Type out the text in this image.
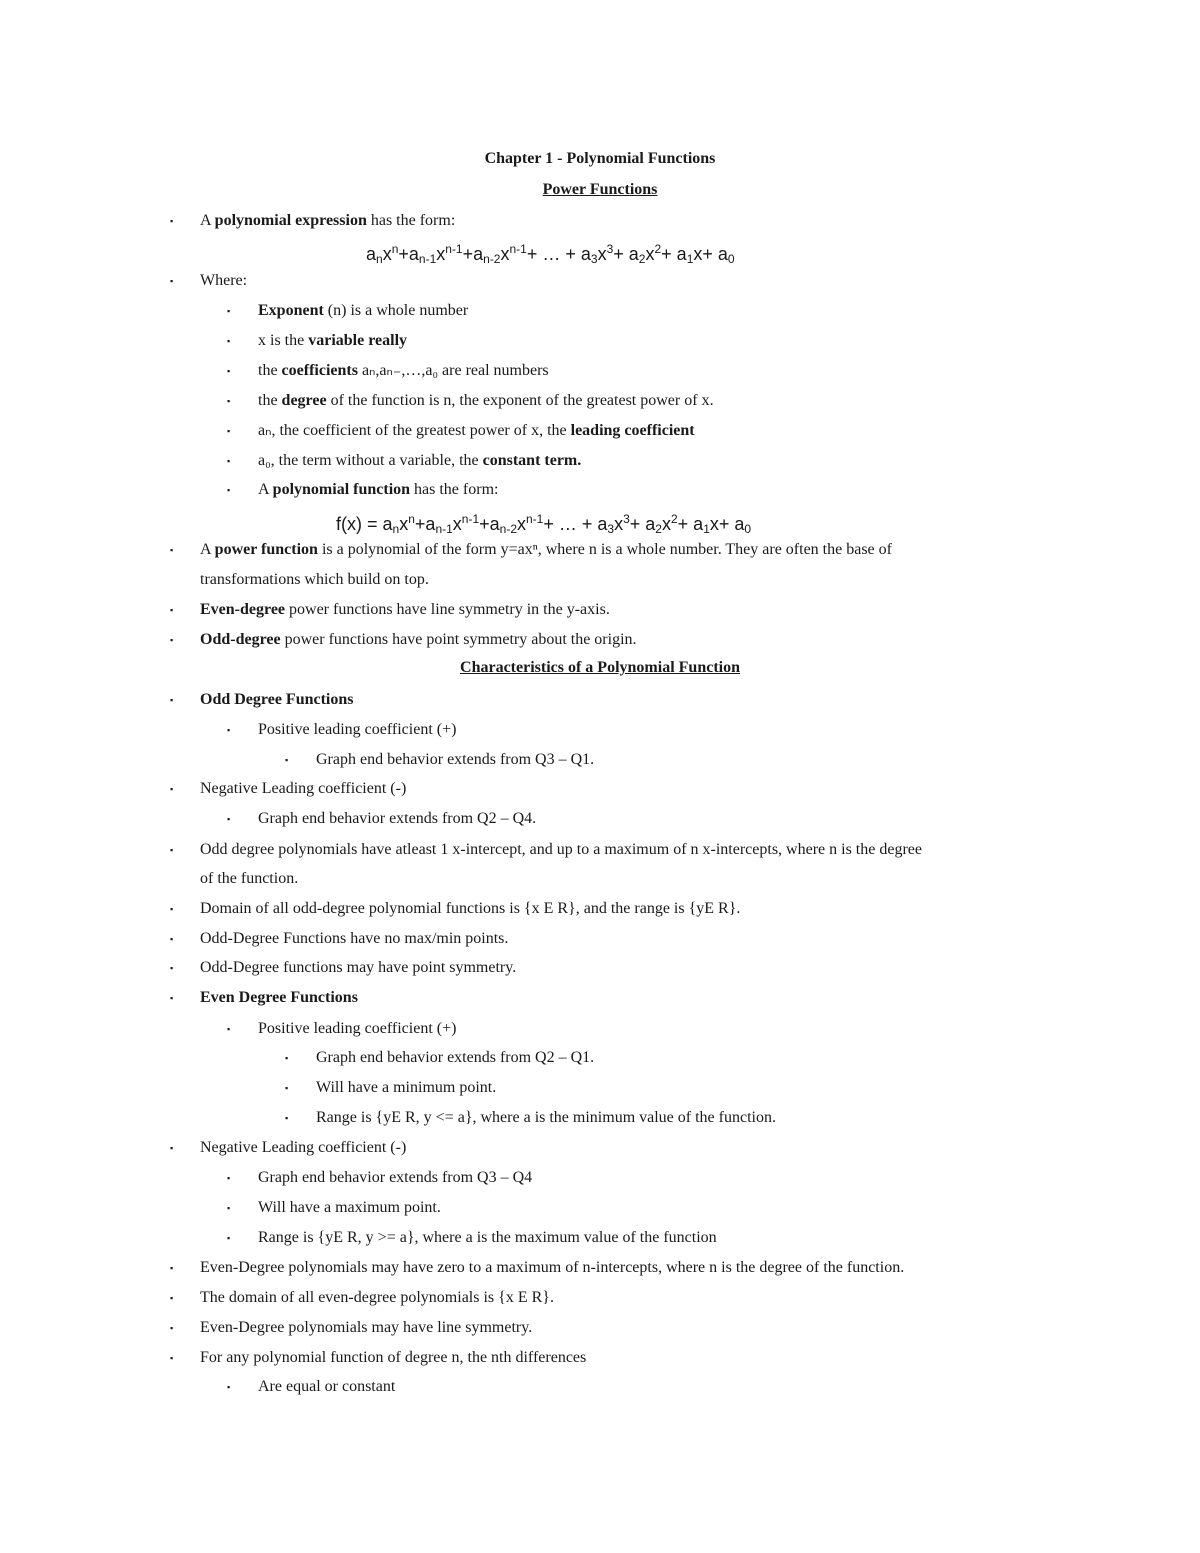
Chapter 1 - Polynomial Functions
Power Functions
▪ A polynomial expression has the form:
$a_nx^n+a_{n-1}x^{n-1}+a_{n-2}x^{n-1}+$ … + $a_3x^3+ a_2x^2+ a_1x+ a_0$
▪ Where:
▪ Exponent (n) is a whole number
▪ x is the variable really
▪ the coefficients aₙ,aₙ₋,…,a₀ are real numbers
▪ the degree of the function is n, the exponent of the greatest power of x.
▪ aₙ, the coefficient of the greatest power of x, the leading coefficient
▪ a₀, the term without a variable, the constant term.
▪ A polynomial function has the form:
$f(x) = a_nx^n+a_{n-1}x^{n-1}+a_{n-2}x^{n-1}+$ … + $a_3x^3+ a_2x^2+ a_1x+ a_0$
▪ A power function is a polynomial of the form y=axⁿ, where n is a whole number. They are often the base of
transformations which build on top.
▪ Even-degree power functions have line symmetry in the y-axis.
▪ Odd-degree power functions have point symmetry about the origin.
Characteristics of a Polynomial Function
▪ Odd Degree Functions
▪ Positive leading coefficient (+)
▪ Graph end behavior extends from Q3 – Q1.
▪ Negative Leading coefficient (-)
▪ Graph end behavior extends from Q2 – Q4.
▪ Odd degree polynomials have atleast 1 x-intercept, and up to a maximum of n x-intercepts, where n is the degree
of the function.
▪ Domain of all odd-degree polynomial functions is {x E R}, and the range is {yE R}.
▪ Odd-Degree Functions have no max/min points.
▪ Odd-Degree functions may have point symmetry.
▪ Even Degree Functions
▪ Positive leading coefficient (+)
▪ Graph end behavior extends from Q2 – Q1.
▪ Will have a minimum point.
▪ Range is {yE R, y <= a}, where a is the minimum value of the function.
▪ Negative Leading coefficient (-)
▪ Graph end behavior extends from Q3 – Q4
▪ Will have a maximum point.
▪ Range is {yE R, y >= a}, where a is the maximum value of the function
▪ Even-Degree polynomials may have zero to a maximum of n-intercepts, where n is the degree of the function.
▪ The domain of all even-degree polynomials is {x E R}.
▪ Even-Degree polynomials may have line symmetry.
▪ For any polynomial function of degree n, the nth differences
▪ Are equal or constant
